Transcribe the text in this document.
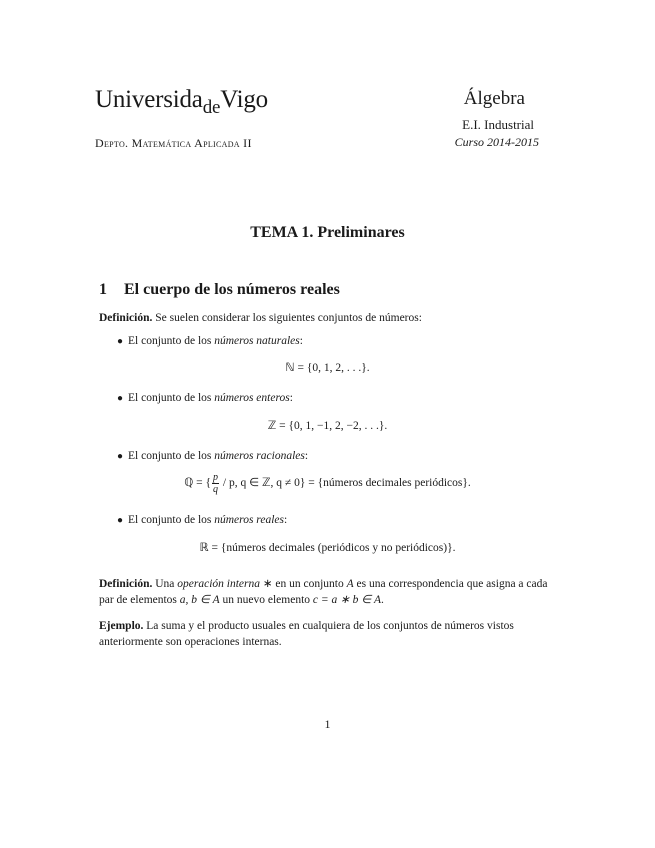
Universida$_{de}$Vigo
Depto. Matemática Aplicada II
Álgebra
E.I. Industrial
Curso 2014-2015
TEMA 1. Preliminares
1 El cuerpo de los números reales
Definición. Se suelen considerar los siguientes conjuntos de números:
● El conjunto de los números naturales:
ℕ = {0, 1, 2, . . .}.
● El conjunto de los números enteros:
ℤ = {0, 1, −1, 2, −2, . . .}.
● El conjunto de los números racionales:
ℚ = { $\frac{p}{q}$ / p, q ∈ ℤ, q ≠ 0} = {números decimales periódicos}.
● El conjunto de los números reales:
ℝ = {números decimales (periódicos y no periódicos)}.
Definición. Una operación interna ∗ en un conjunto A es una correspondencia que asigna a cada par de elementos a, b ∈ A un nuevo elemento c = a ∗ b ∈ A.
Ejemplo. La suma y el producto usuales en cualquiera de los conjuntos de números vistos anteriormente son operaciones internas.
1
